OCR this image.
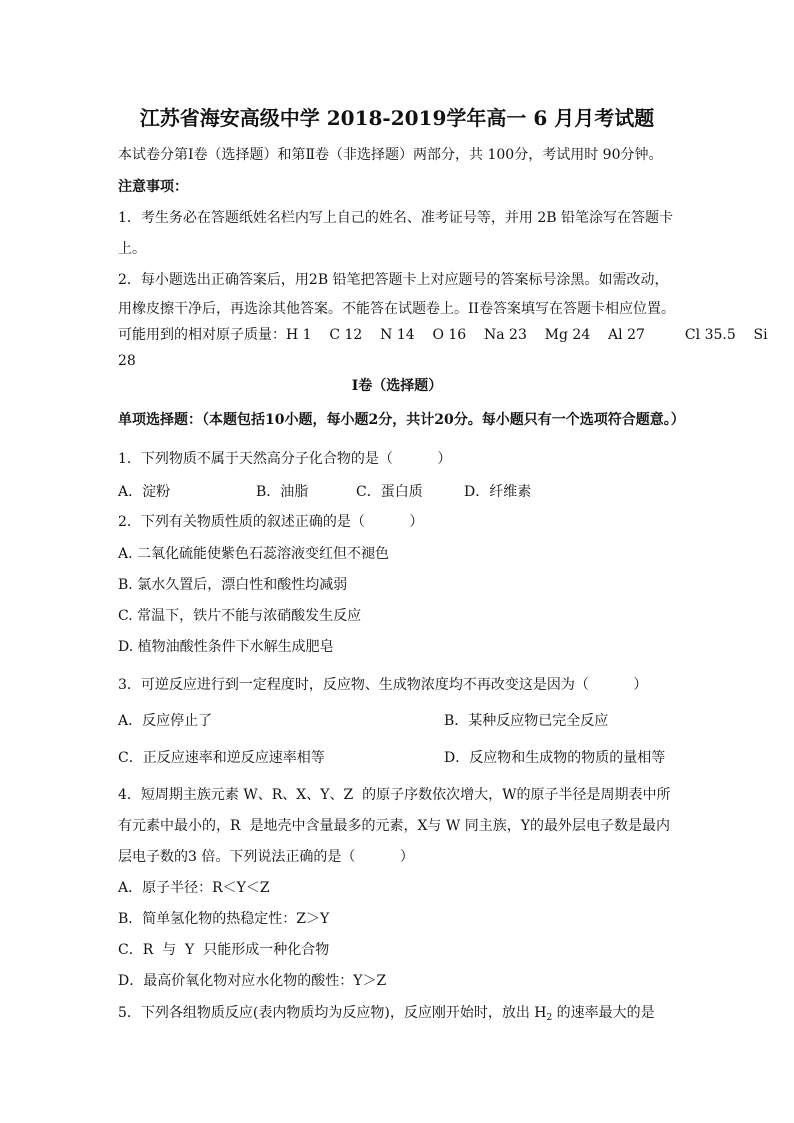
江苏省海安高级中学 2018-2019学年高一 6 月月考试题
本试卷分第Ⅰ卷（选择题）和第Ⅱ卷（非选择题）两部分，共 100分，考试用时 90分钟。
注意事项：
1．考生务必在答题纸姓名栏内写上自己的姓名、准考证号等，并用 2B 铅笔涂写在答题卡
上。
2．每小题选出正确答案后，用2B 铅笔把答题卡上对应题号的答案标号涂黑。如需改动，
用橡皮擦干净后，再选涂其他答案。不能答在试题卷上。II卷答案填写在答题卡相应位置。
可能用到的相对原子质量：H 1    C 12    N 14    O 16    Na 23    Mg 24    Al 27         Cl 35.5    Si
28
I卷（选择题）
单项选择题：（本题包括10小题，每小题2分，共计20分。每小题只有一个选项符合题意。）
1．下列物质不属于天然高分子化合物的是（          ）
A．淀粉	B．油脂	C．蛋白质	D．纤维素
2．下列有关物质性质的叙述正确的是（          ）
A. 二氧化硫能使紫色石蕊溶液变红但不褪色
B. 氯水久置后，漂白性和酸性均减弱
C. 常温下，铁片不能与浓硝酸发生反应
D. 植物油酸性条件下水解生成肥皂
3．可逆反应进行到一定程度时，反应物、生成物浓度均不再改变这是因为（          ）
A．反应停止了	B．某种反应物已完全反应
C．正反应速率和逆反应速率相等	D．反应物和生成物的物质的量相等
4．短周期主族元素 W、R、X、Y、Z  的原子序数依次增大，W的原子半径是周期表中所
有元素中最小的，R  是地壳中含量最多的元素，X与 W 同主族，Y的最外层电子数是最内
层电子数的3 倍。下列说法正确的是（          ）
A．原子半径：R＜Y＜Z
B．简单氢化物的热稳定性：Z＞Y
C．R  与  Y  只能形成一种化合物
D．最高价氧化物对应水化物的酸性：Y＞Z
5．下列各组物质反应(表内物质均为反应物)，反应刚开始时，放出 $H_2$ 的速率最大的是
